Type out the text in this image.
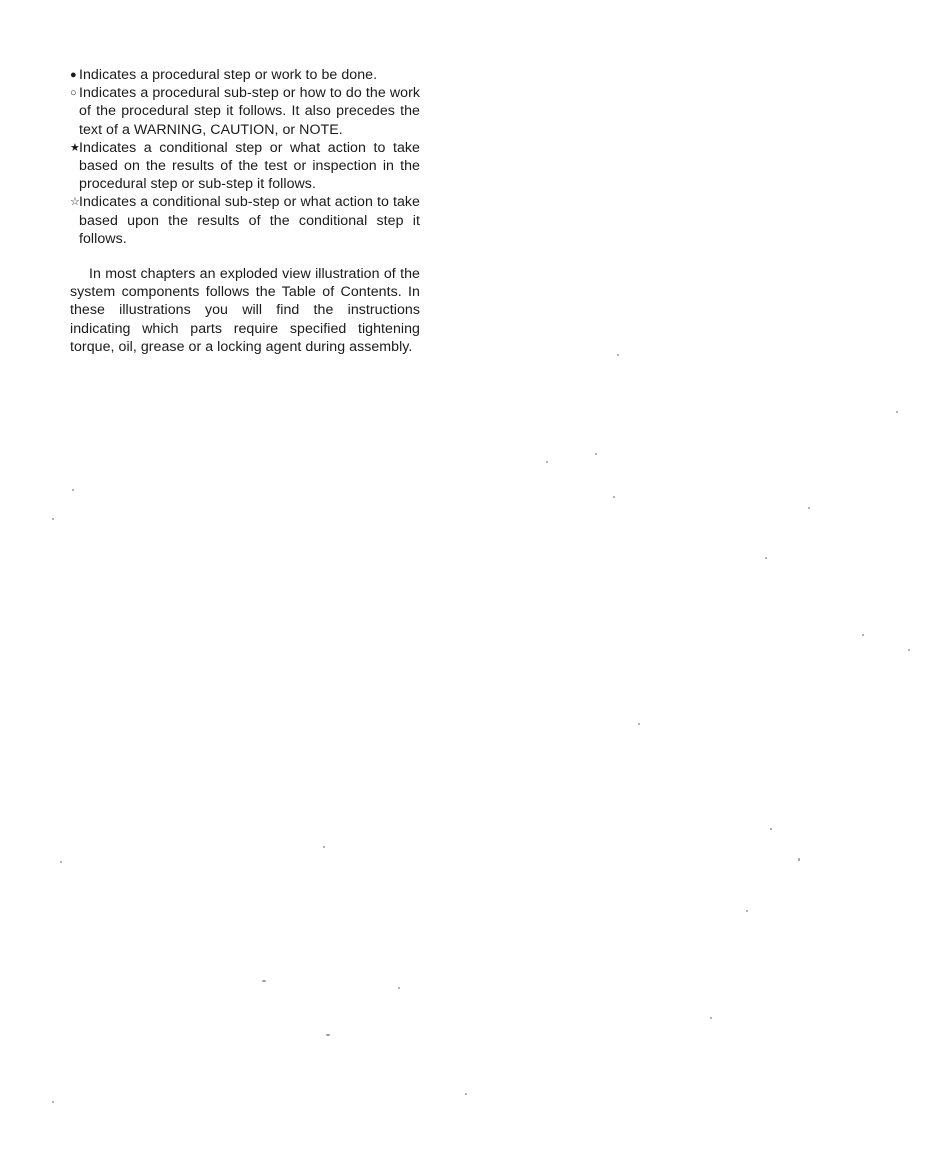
● Indicates a procedural step or work to be done.
○ Indicates a procedural sub-step or how to do the work of the procedural step it follows. It also precedes the text of a WARNING, CAUTION, or NOTE.
★ Indicates a conditional step or what action to take based on the results of the test or inspection in the procedural step or sub-step it follows.
☆ Indicates a conditional sub-step or what action to take based upon the results of the conditional step it follows.

In most chapters an exploded view illustration of the system components follows the Table of Contents. In these illustrations you will find the instructions indicating which parts require specified tightening torque, oil, grease or a locking agent during assembly.
